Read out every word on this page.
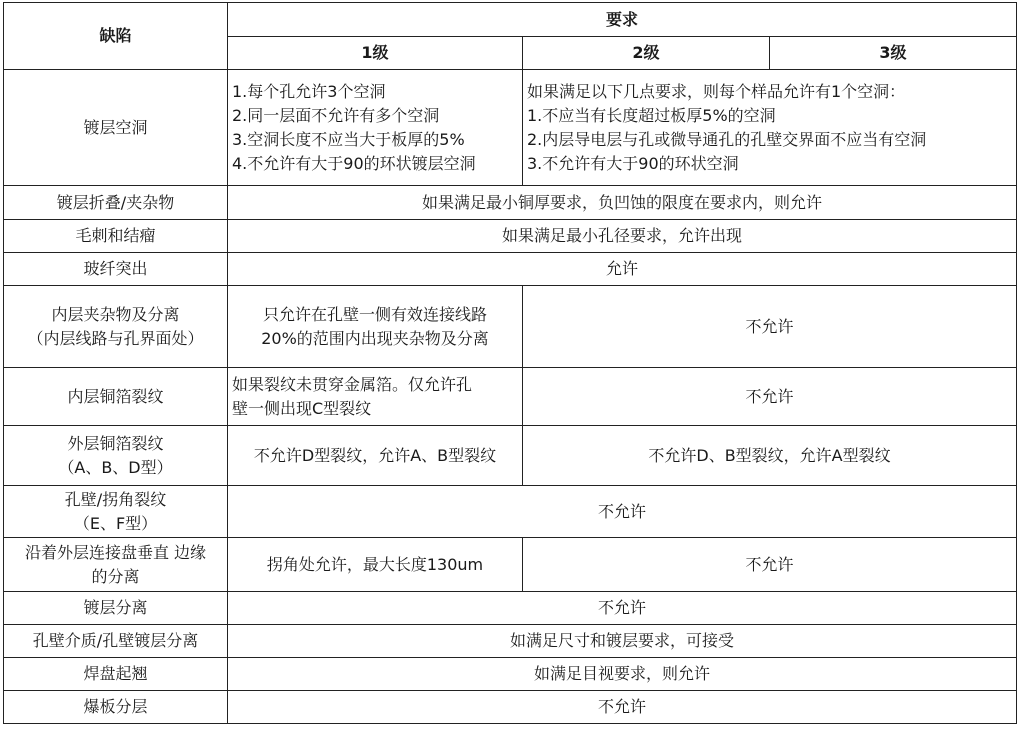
缺陷	要求		
	1级	2级	3级
镀层空洞	1.每个孔允许3个空洞
2.同一层面不允许有多个空洞
3.空洞长度不应当大于板厚的5%
4.不允许有大于90的环状镀层空洞	如果满足以下几点要求，则每个样品允许有1个空洞：
1.不应当有长度超过板厚5%的空洞
2.内层导电层与孔或微导通孔的孔壁交界面不应当有空洞
3.不允许有大于90的环状空洞	

镀层折叠/夹杂物	如果满足最小铜厚要求，负凹蚀的限度在要求内，则允许		
毛刺和结瘤	如果满足最小孔径要求，允许出现		
玻纤突出	允许		

内层夹杂物及分离
（内层线路与孔界面处）	只允许在孔壁一侧有效连接线路
20%的范围内出现夹杂物及分离	不允许	
内层铜箔裂纹	如果裂纹未贯穿金属箔。仅允许孔
壁一侧出现C型裂纹	不允许	

外层铜箔裂纹
（A、B、D型）	不允许D型裂纹，允许A、B型裂纹	不允许D、B型裂纹，允许A型裂纹	

孔壁/拐角裂纹
（E、F型）	不允许		

沿着外层连接盘垂直 边缘
的分离	拐角处允许，最大长度130um	不允许	
镀层分离	不允许		
孔壁介质/孔壁镀层分离	如满足尺寸和镀层要求，可接受		
焊盘起翘	如满足目视要求，则允许		
爆板分层	不允许		
